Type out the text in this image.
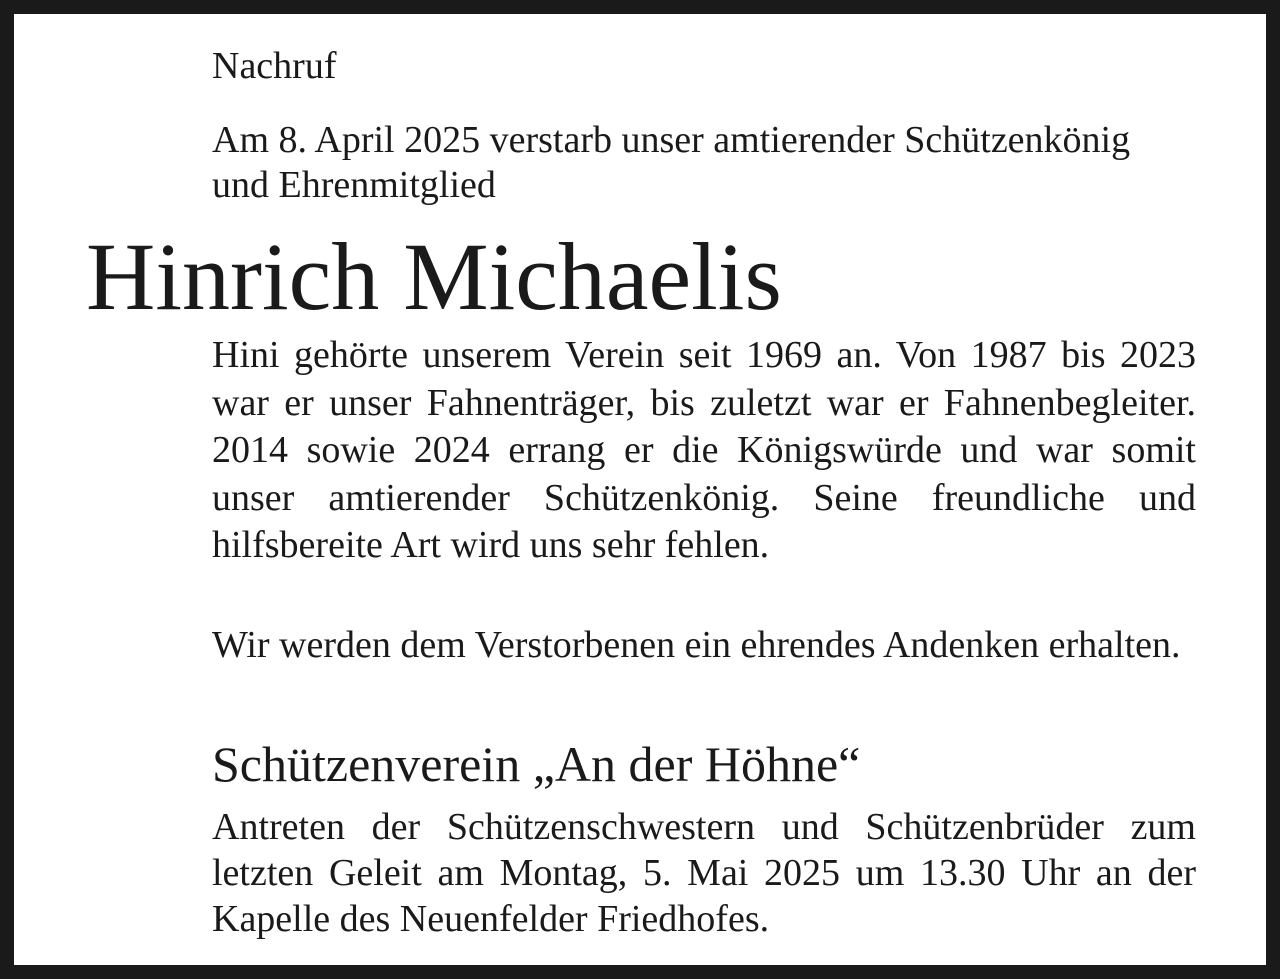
Nachruf

Am 8. April 2025 verstarb unser amtierender Schützenkönig und Ehrenmitglied

Hinrich Michaelis

Hini gehörte unserem Verein seit 1969 an. Von 1987 bis 2023 war er unser Fahnenträger, bis zuletzt war er Fahnenbegleiter. 2014 sowie 2024 errang er die Königswürde und war somit unser amtierender Schützenkönig. Seine freundliche und hilfsbereite Art wird uns sehr fehlen.

Wir werden dem Verstorbenen ein ehrendes Andenken erhalten.

Schützenverein „An der Höhne“

Antreten der Schützenschwestern und Schützenbrüder zum letzten Geleit am Montag, 5. Mai 2025 um 13.30 Uhr an der Kapelle des Neuenfelder Friedhofes.
